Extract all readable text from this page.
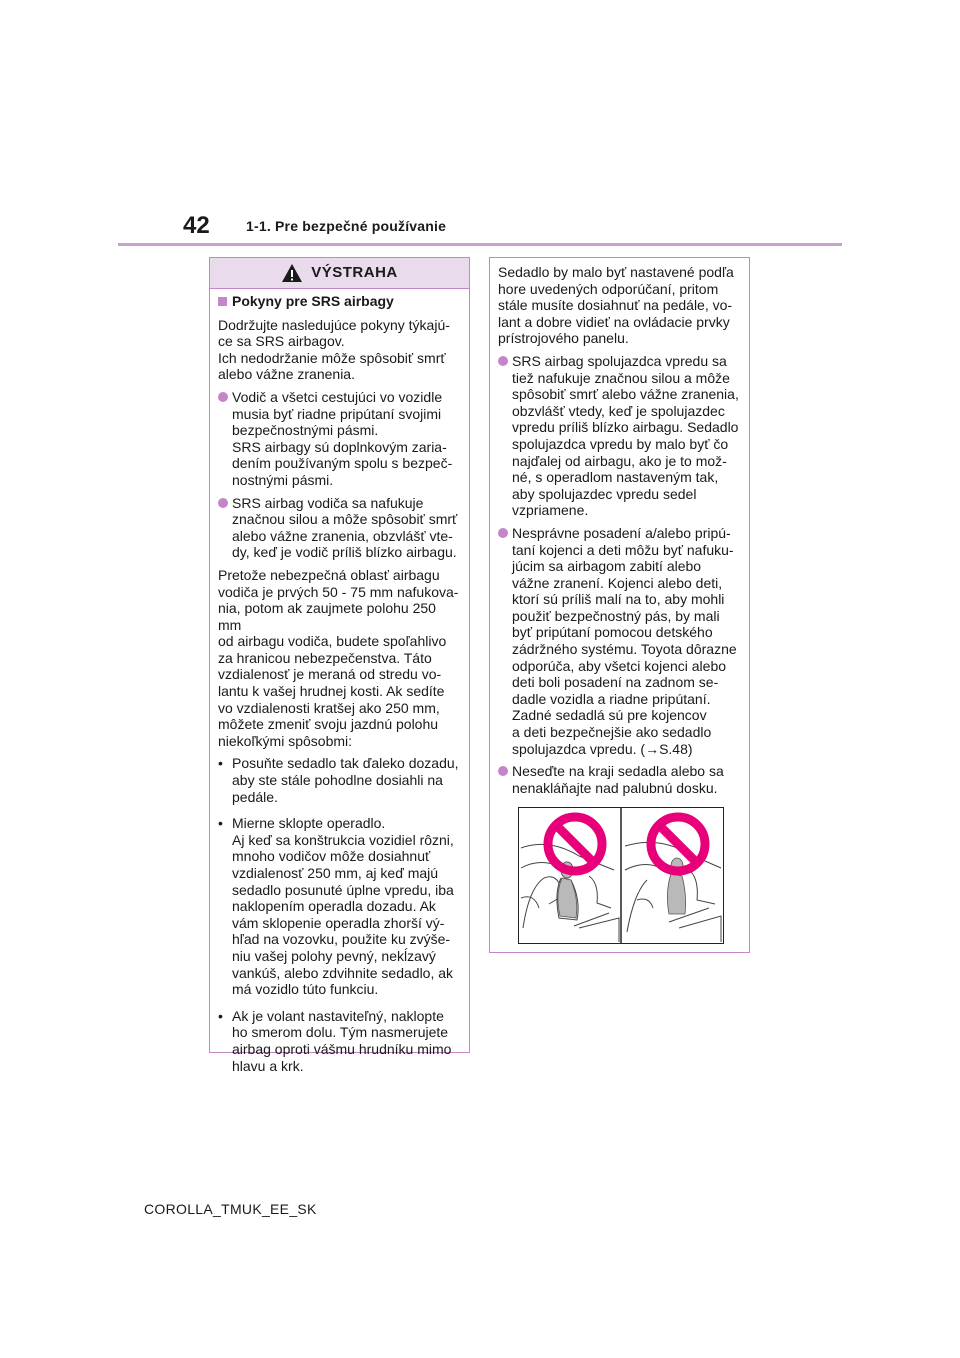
42	1-1. Pre bezpečné používanie
VÝSTRAHA
Pokyny pre SRS airbagy

Dodržujte nasledujúce pokyny týkajú-
ce sa SRS airbagov.
Ich nedodržanie môže spôsobiť smrť
alebo vážne zranenia.

Vodič a všetci cestujúci vo vozidle
musia byť riadne pripútaní svojimi
bezpečnostnými pásmi.
SRS airbagy sú doplnkovým zaria-
dením používaným spolu s bezpeč-
nostnými pásmi.
SRS airbag vodiča sa nafukuje
značnou silou a môže spôsobiť smrť
alebo vážne zranenia, obzvlášť vte-
dy, keď je vodič príliš blízko airbagu.

Pretože nebezpečná oblasť airbagu
vodiča je prvých 50 - 75 mm nafukova-
nia, potom ak zaujmete polohu 250 mm
od airbagu vodiča, budete spoľahlivo
za hranicou nebezpečenstva. Táto
vzdialenosť je meraná od stredu vo-
lantu k vašej hrudnej kosti. Ak sedíte
vo vzdialenosti kratšej ako 250 mm,
môžete zmeniť svoju jazdnú polohu
niekoľkými spôsobmi:

• Posuňte sedadlo tak ďaleko dozadu,
aby ste stále pohodlne dosiahli na
pedále.
• Mierne sklopte operadlo.
Aj keď sa konštrukcia vozidiel rôzni,
mnoho vodičov môže dosiahnuť
vzdialenosť 250 mm, aj keď majú
sedadlo posunuté úplne vpredu, iba
naklopením operadla dozadu. Ak
vám sklopenie operadla zhorší vý-
hľad na vozovku, použite ku zvýše-
niu vašej polohy pevný, nekĺzavý
vankúš, alebo zdvihnite sedadlo, ak
má vozidlo túto funkciu.
• Ak je volant nastaviteľný, naklopte
ho smerom dolu. Tým nasmerujete
airbag oproti vášmu hrudníku mimo
hlavu a krk.

Sedadlo by malo byť nastavené podľa
hore uvedených odporúčaní, pritom
stále musíte dosiahnuť na pedále, vo-
lant a dobre vidieť na ovládacie prvky
prístrojového panelu.

SRS airbag spolujazdca vpredu sa
tiež nafukuje značnou silou a môže
spôsobiť smrť alebo vážne zranenia,
obzvlášť vtedy, keď je spolujazdec
vpredu príliš blízko airbagu. Sedadlo
spolujazdca vpredu by malo byť čo
najďalej od airbagu, ako je to mož-
né, s operadlom nastaveným tak,
aby spolujazdec vpredu sedel
vzpriamene.
Nesprávne posadení a/alebo pripú-
taní kojenci a deti môžu byť nafuku-
júcim sa airbagom zabití alebo
vážne zranení. Kojenci alebo deti,
ktorí sú príliš malí na to, aby mohli
použiť bezpečnostný pás, by mali
byť pripútaní pomocou detského
zádržného systému. Toyota dôrazne
odporúča, aby všetci kojenci alebo
deti boli posadení na zadnom se-
dadle vozidla a riadne pripútaní.
Zadné sedadlá sú pre kojencov
a deti bezpečnejšie ako sedadlo
spolujazdca vpredu. (→S.48)
Neseďte na kraji sedadla alebo sa
nenakláňajte nad palubnú dosku.
COROLLA_TMUK_EE_SK
